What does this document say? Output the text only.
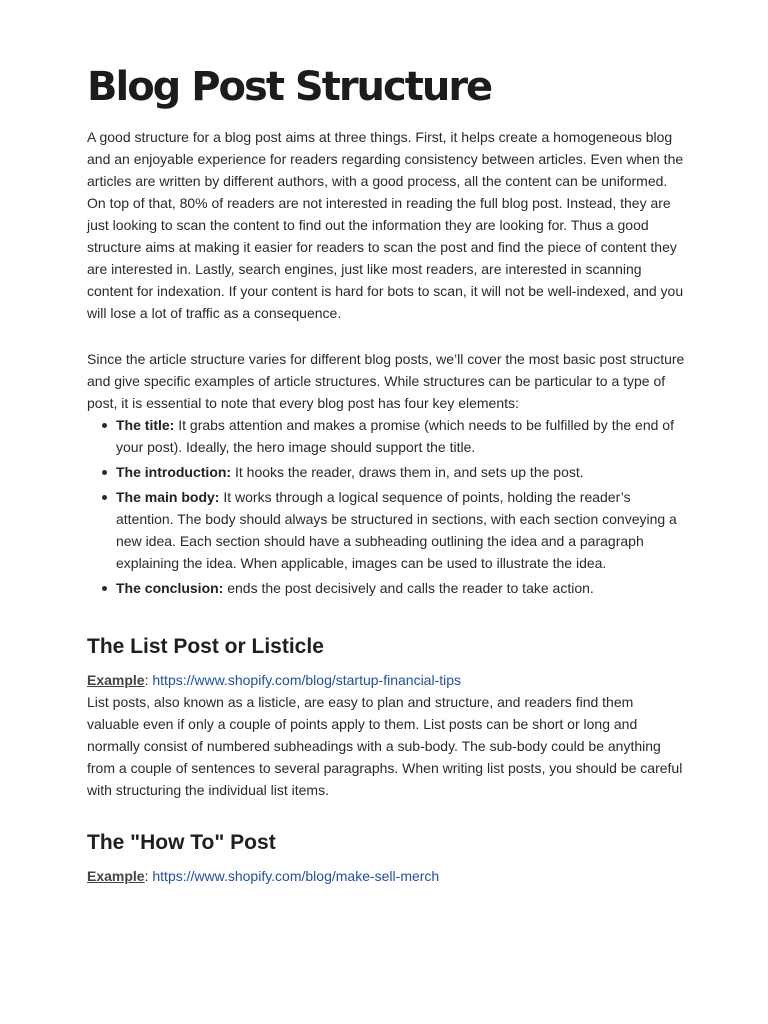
Blog Post Structure

A good structure for a blog post aims at three things. First, it helps create a homogeneous blog and an enjoyable experience for readers regarding consistency between articles. Even when the articles are written by different authors, with a good process, all the content can be uniformed. On top of that, 80% of readers are not interested in reading the full blog post. Instead, they are just looking to scan the content to find out the information they are looking for. Thus a good structure aims at making it easier for readers to scan the post and find the piece of content they are interested in. Lastly, search engines, just like most readers, are interested in scanning content for indexation. If your content is hard for bots to scan, it will not be well-indexed, and you will lose a lot of traffic as a consequence.

Since the article structure varies for different blog posts, we’ll cover the most basic post structure and give specific examples of article structures. While structures can be particular to a type of post, it is essential to note that every blog post has four key elements:

The title: It grabs attention and makes a promise (which needs to be fulfilled by the end of your post). Ideally, the hero image should support the title.
The introduction: It hooks the reader, draws them in, and sets up the post.
The main body: It works through a logical sequence of points, holding the reader’s attention. The body should always be structured in sections, with each section conveying a new idea. Each section should have a subheading outlining the idea and a paragraph explaining the idea. When applicable, images can be used to illustrate the idea.
The conclusion: ends the post decisively and calls the reader to take action.
The List Post or Listicle
Example: https://www.shopify.com/blog/startup-financial-tips

List posts, also known as a listicle, are easy to plan and structure, and readers find them valuable even if only a couple of points apply to them. List posts can be short or long and normally consist of numbered subheadings with a sub-body. The sub-body could be anything from a couple of sentences to several paragraphs. When writing list posts, you should be careful with structuring the individual list items.

The "How To" Post
Example: https://www.shopify.com/blog/make-sell-merch
